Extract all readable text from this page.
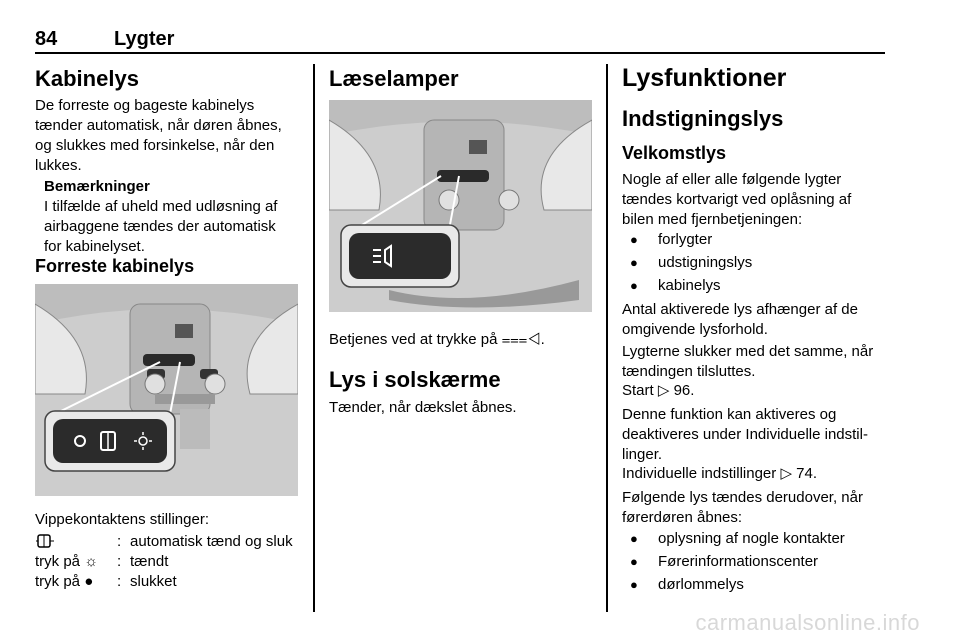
84	Lygter
Kabinelys
De forreste og bageste kabinelys
tænder automatisk, når døren åbnes,
og slukkes med forsinkelse, når den
lukkes.
Bemærkninger
I tilfælde af uheld med udløsning af
airbaggene tændes der automatisk
for kabinelyset.
Forreste kabinelys
Vippekontaktens stillinger:
: automatisk tænd og sluk
tryk på ☼ : tændt
tryk på ● : slukket
Læselamper
Betjenes ved at trykke på ⩶◁.
Lys i solskærme
Tænder, når dækslet åbnes.
Lysfunktioner
Indstigningslys
Velkomstlys
Nogle af eller alle følgende lygter
tændes kortvarigt ved oplåsning af
bilen med fjernbetjeningen:
● forlygter
● udstigningslys
● kabinelys
Antal aktiverede lys afhænger af de
omgivende lysforhold.
Lygterne slukker med det samme, når
tændingen tilsluttes.
Start ▷ 96.
Denne funktion kan aktiveres og
deaktiveres under Individuelle indstil-
linger.
Individuelle indstillinger ▷ 74.
Følgende lys tændes derudover, når
førerdøren åbnes:
● oplysning af nogle kontakter
● Førerinformationscenter
● dørlommelys
carmanualsonline.info
